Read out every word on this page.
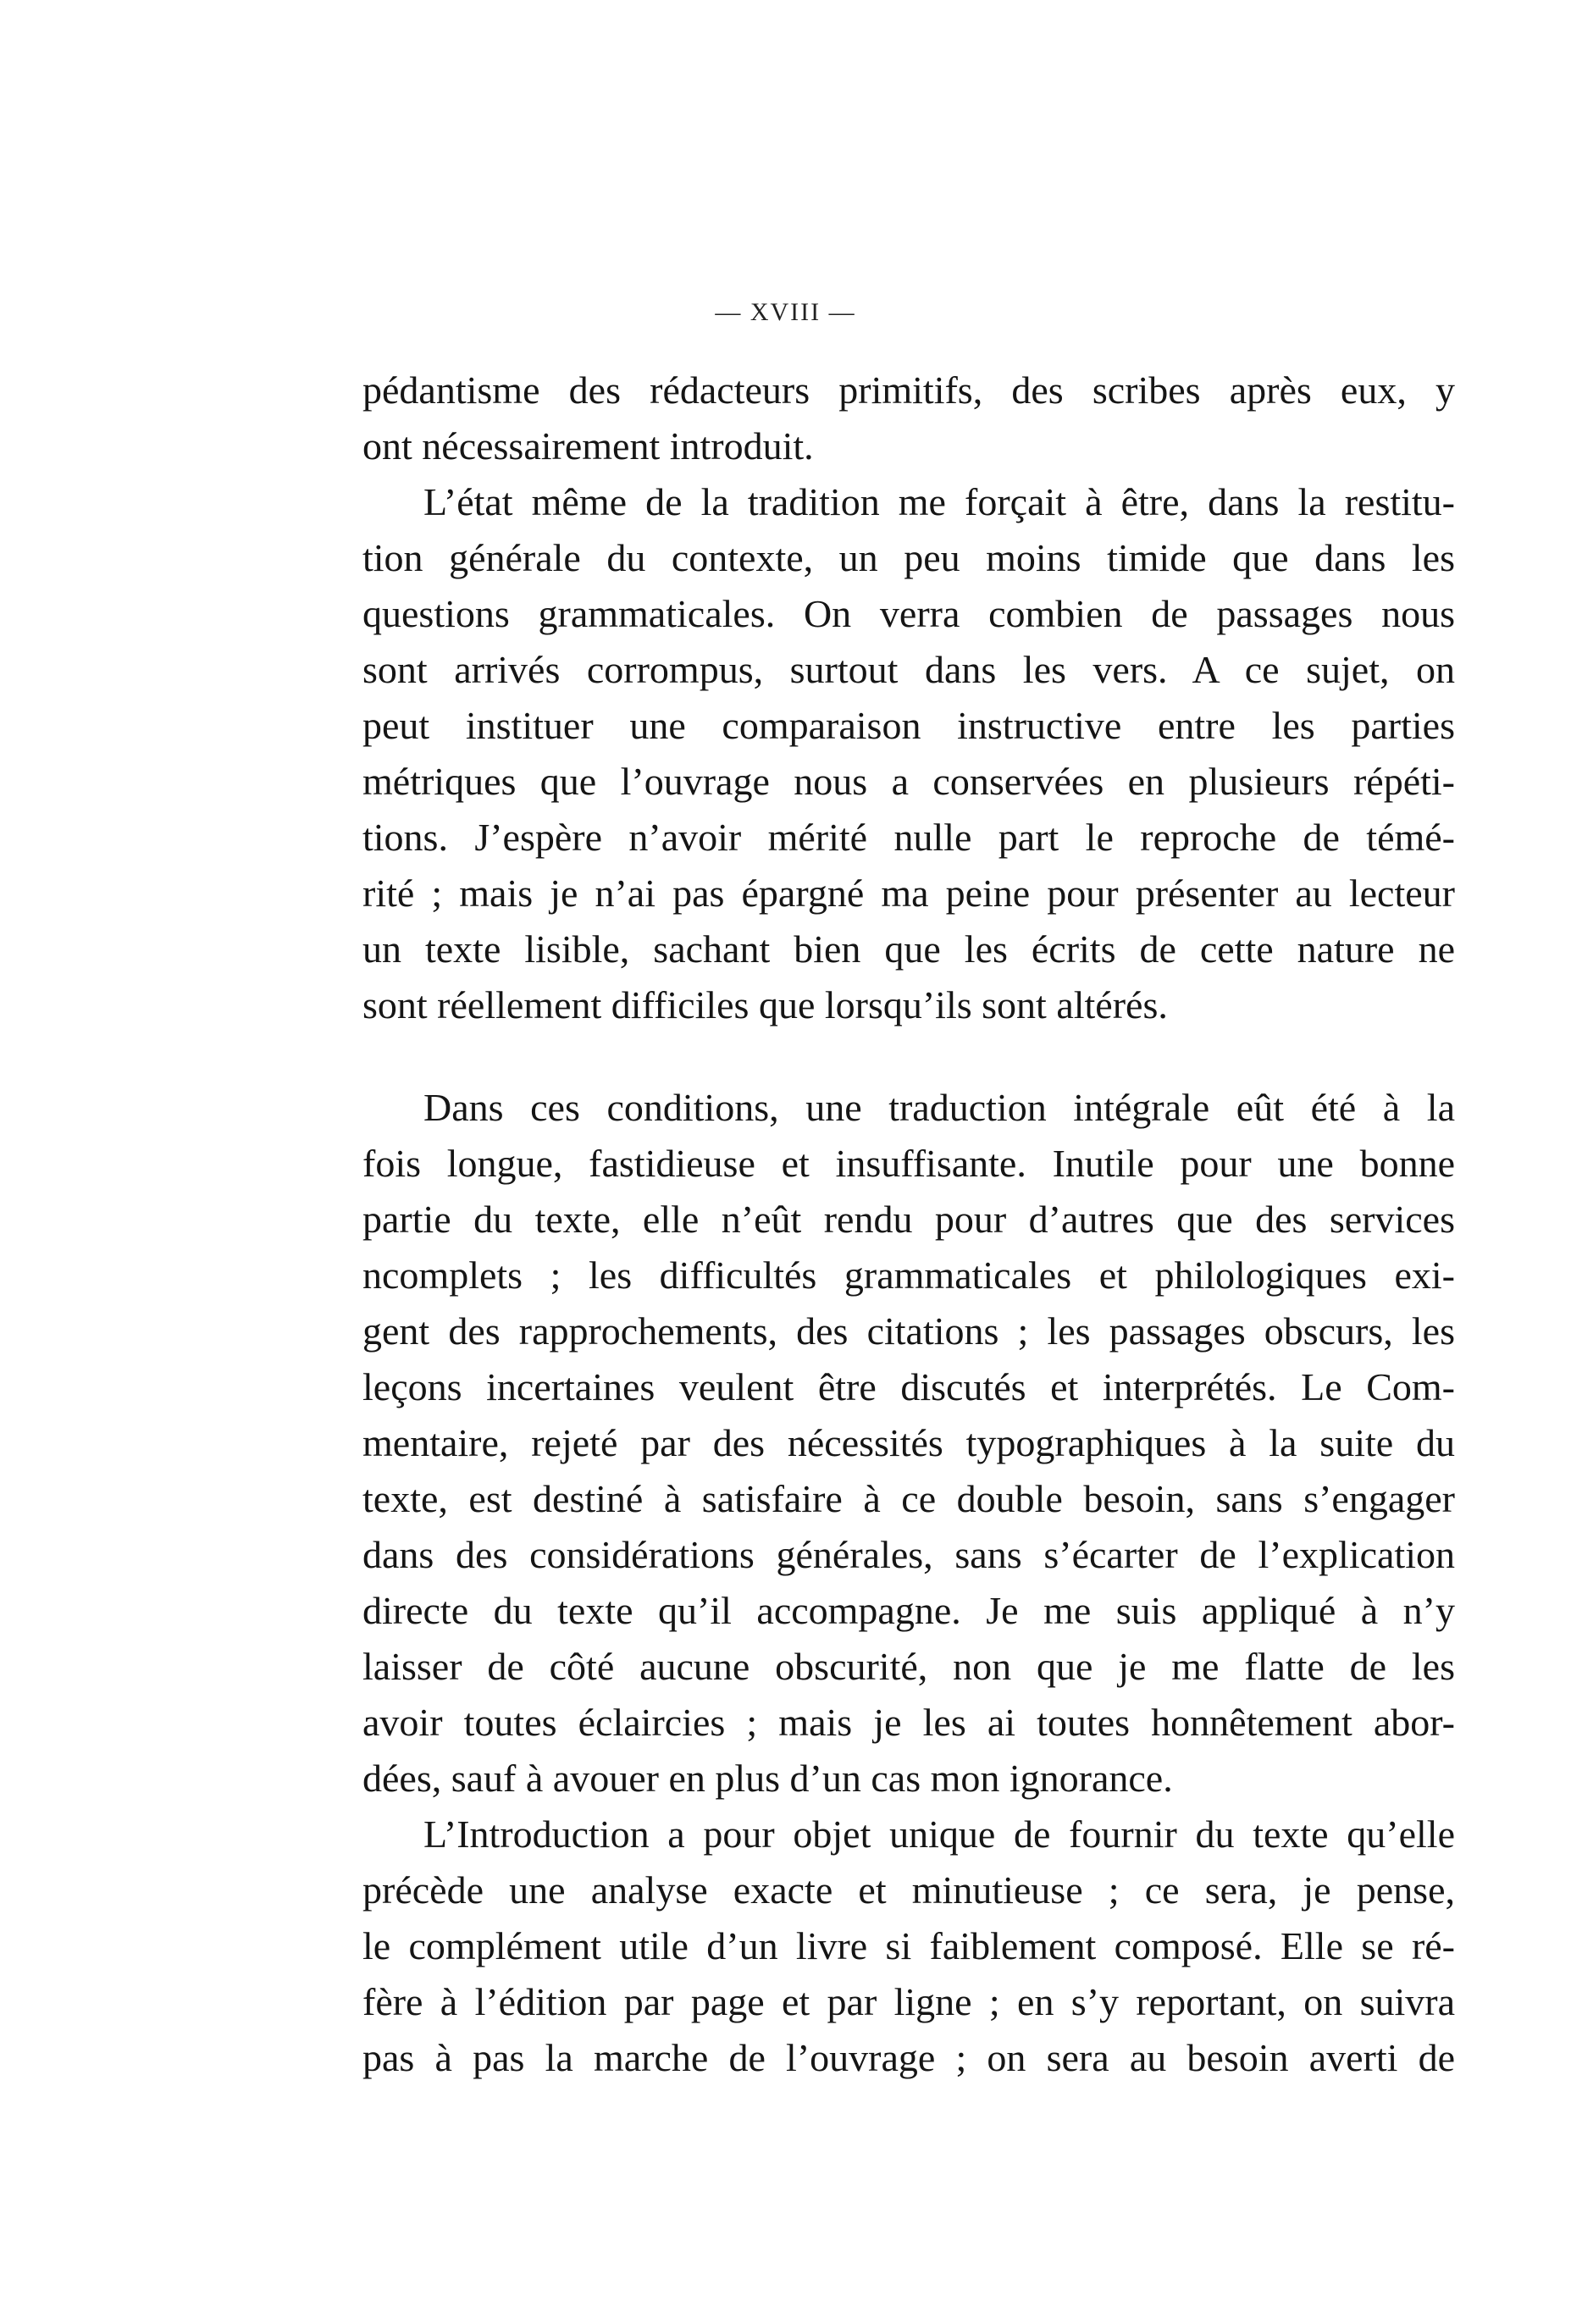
— XVIII —
pédantisme des rédacteurs primitifs, des scribes après eux, y
ont nécessairement introduit.
L’état même de la tradition me forçait à être, dans la restitu-
tion générale du contexte, un peu moins timide que dans les
questions grammaticales. On verra combien de passages nous
sont arrivés corrompus, surtout dans les vers. A ce sujet, on
peut instituer une comparaison instructive entre les parties
métriques que l’ouvrage nous a conservées en plusieurs répéti-
tions. J’espère n’avoir mérité nulle part le reproche de témé-
rité ; mais je n’ai pas épargné ma peine pour présenter au lecteur
un texte lisible, sachant bien que les écrits de cette nature ne
sont réellement difficiles que lorsqu’ils sont altérés.
Dans ces conditions, une traduction intégrale eût été à la
fois longue, fastidieuse et insuffisante. Inutile pour une bonne
partie du texte, elle n’eût rendu pour d’autres que des services
ncomplets ; les difficultés grammaticales et philologiques exi-
gent des rapprochements, des citations ; les passages obscurs, les
leçons incertaines veulent être discutés et interprétés. Le Com-
mentaire, rejeté par des nécessités typographiques à la suite du
texte, est destiné à satisfaire à ce double besoin, sans s’engager
dans des considérations générales, sans s’écarter de l’explication
directe du texte qu’il accompagne. Je me suis appliqué à n’y
laisser de côté aucune obscurité, non que je me flatte de les
avoir toutes éclaircies ; mais je les ai toutes honnêtement abor-
dées, sauf à avouer en plus d’un cas mon ignorance.
L’Introduction a pour objet unique de fournir du texte qu’elle
précède une analyse exacte et minutieuse ; ce sera, je pense,
le complément utile d’un livre si faiblement composé. Elle se ré-
fère à l’édition par page et par ligne ; en s’y reportant, on suivra
pas à pas la marche de l’ouvrage ; on sera au besoin averti de
